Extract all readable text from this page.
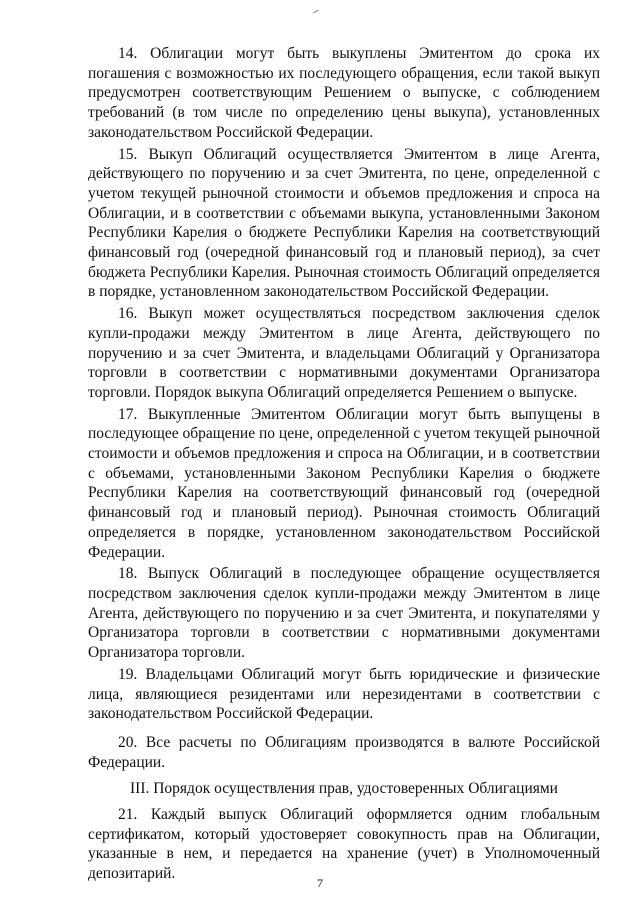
14. Облигации могут быть выкуплены Эмитентом до срока их погашения с возможностью их последующего обращения, если такой выкуп предусмотрен соответствующим Решением о выпуске, с соблюдением требований (в том числе по определению цены выкупа), установленных законодательством Российской Федерации.

15. Выкуп Облигаций осуществляется Эмитентом в лице Агента, действующего по поручению и за счет Эмитента, по цене, определенной с учетом текущей рыночной стоимости и объемов предложения и спроса на Облигации, и в соответствии с объемами выкупа, установленными Законом Республики Карелия о бюджете Республики Карелия на соответствующий финансовый год (очередной финансовый год и плановый период), за счет бюджета Республики Карелия. Рыночная стоимость Облигаций определяется в порядке, установленном законодательством Российской Федерации.

16. Выкуп может осуществляться посредством заключения сделок купли-продажи между Эмитентом в лице Агента, действующего по поручению и за счет Эмитента, и владельцами Облигаций у Организатора торговли в соответствии с нормативными документами Организатора торговли. Порядок выкупа Облигаций определяется Решением о выпуске.

17. Выкупленные Эмитентом Облигации могут быть выпущены в последующее обращение по цене, определенной с учетом текущей рыночной стоимости и объемов предложения и спроса на Облигации, и в соответствии с объемами, установленными Законом Республики Карелия о бюджете Республики Карелия на соответствующий финансовый год (очередной финансовый год и плановый период). Рыночная стоимость Облигаций определяется в порядке, установленном законодательством Российской Федерации.

18. Выпуск Облигаций в последующее обращение осуществляется посредством заключения сделок купли-продажи между Эмитентом в лице Агента, действующего по поручению и за счет Эмитента, и покупателями у Организатора торговли в соответствии с нормативными документами Организатора торговли.

19. Владельцами Облигаций могут быть юридические и физические лица, являющиеся резидентами или нерезидентами в соответствии с законодательством Российской Федерации.

20. Все расчеты по Облигациям производятся в валюте Российской Федерации.

III. Порядок осуществления прав, удостоверенных Облигациями

21. Каждый выпуск Облигаций оформляется одним глобальным сертификатом, который удостоверяет совокупность прав на Облигации, указанные в нем, и передается на хранение (учет) в Уполномоченный депозитарий.

7
